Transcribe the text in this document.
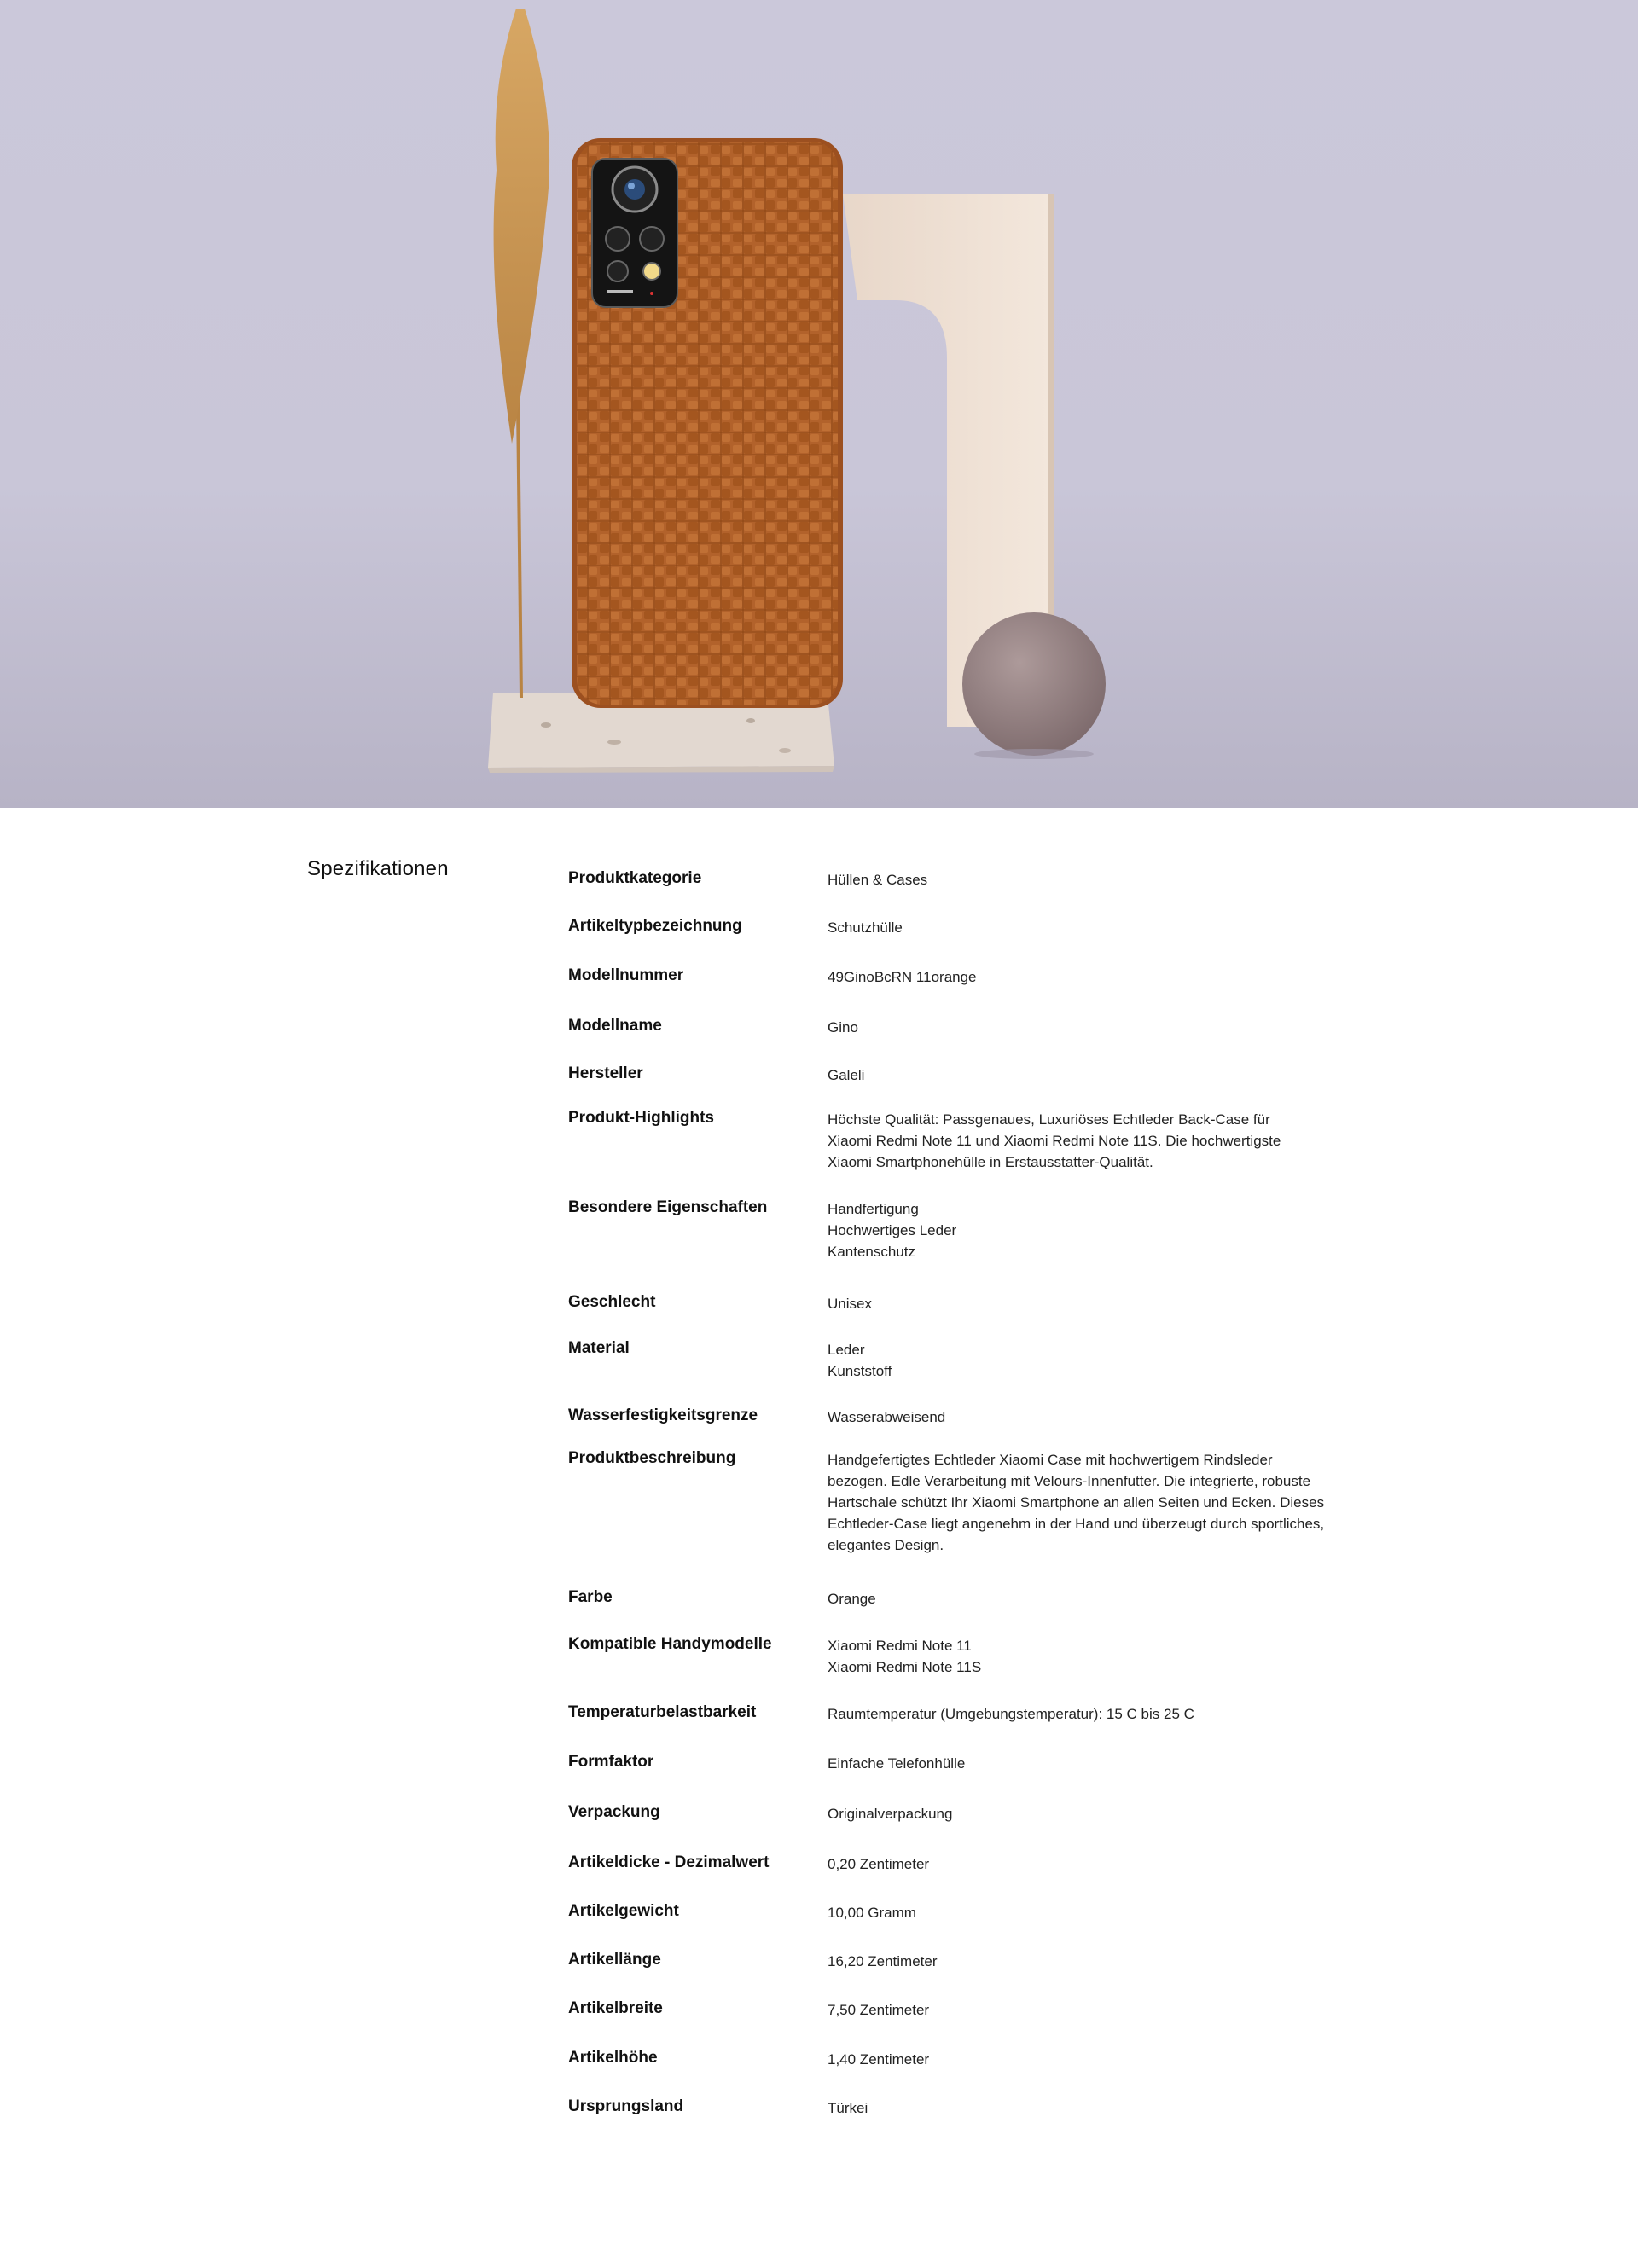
Spezifikationen	Produktkategorie	Hüllen & Cases
Artikeltypbezeichnung	Schutzhülle
Modellnummer	49GinoBcRN 11orange
Modellname	Gino
Hersteller	Galeli
Produkt-Highlights	Höchste Qualität: Passgenaues, Luxuriöses Echtleder Back-Case für
Xiaomi Redmi Note 11 und Xiaomi Redmi Note 11S. Die hochwertigste
Xiaomi Smartphonehülle in Erstausstatter-Qualität.
Besondere Eigenschaften	Handfertigung
Hochwertiges Leder
Kantenschutz
Geschlecht	Unisex
Material	Leder
Kunststoff
Wasserfestigkeitsgrenze	Wasserabweisend
Produktbeschreibung	Handgefertigtes Echtleder Xiaomi Case mit hochwertigem Rindsleder
bezogen. Edle Verarbeitung mit Velours-Innenfutter. Die integrierte, robuste
Hartschale schützt Ihr Xiaomi Smartphone an allen Seiten und Ecken. Dieses
Echtleder-Case liegt angenehm in der Hand und überzeugt durch sportliches,
elegantes Design.
Farbe	Orange
Kompatible Handymodelle	Xiaomi Redmi Note 11
Xiaomi Redmi Note 11S
Temperaturbelastbarkeit	Raumtemperatur (Umgebungstemperatur): 15 C bis 25 C
Formfaktor	Einfache Telefonhülle
Verpackung	Originalverpackung
Artikeldicke - Dezimalwert	0,20 Zentimeter
Artikelgewicht	10,00 Gramm
Artikellänge	16,20 Zentimeter
Artikelbreite	7,50 Zentimeter
Artikelhöhe	1,40 Zentimeter
Ursprungsland	Türkei
